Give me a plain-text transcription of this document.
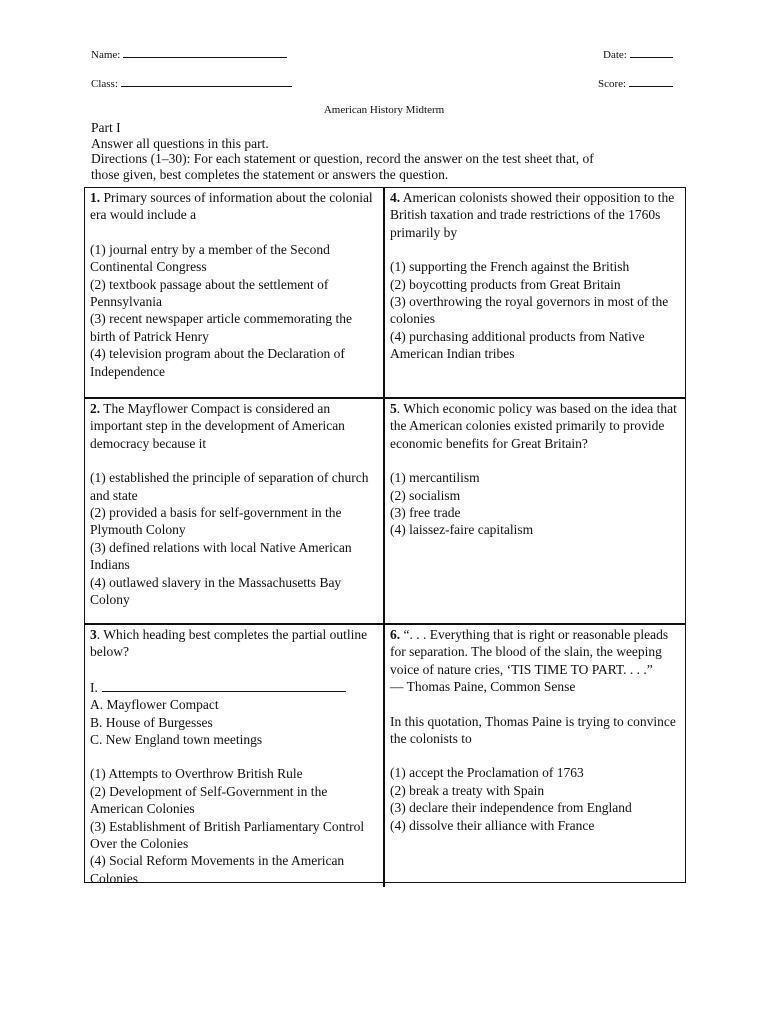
Name:	Date:
Class:	Score:
American History Midterm
Part I
Answer all questions in this part.
Directions (1–30): For each statement or question, record the answer on the test sheet that, of
those given, best completes the statement or answers the question.
1. Primary sources of information about the colonial era would include a
(1) journal entry by a member of the Second Continental Congress
(2) textbook passage about the settlement of Pennsylvania
(3) recent newspaper article commemorating the birth of Patrick Henry
(4) television program about the Declaration of Independence
4. American colonists showed their opposition to the British taxation and trade restrictions of the 1760s primarily by
(1) supporting the French against the British
(2) boycotting products from Great Britain
(3) overthrowing the royal governors in most of the colonies
(4) purchasing additional products from Native American Indian tribes
2. The Mayflower Compact is considered an important step in the development of American democracy because it
(1) established the principle of separation of church and state
(2) provided a basis for self-government in the Plymouth Colony
(3) defined relations with local Native American Indians
(4) outlawed slavery in the Massachusetts Bay Colony
5. Which economic policy was based on the idea that the American colonies existed primarily to provide economic benefits for Great Britain?
(1) mercantilism
(2) socialism
(3) free trade
(4) laissez-faire capitalism
3. Which heading best completes the partial outline below?
I.
A. Mayflower Compact
B. House of Burgesses
C. New England town meetings
(1) Attempts to Overthrow British Rule
(2) Development of Self-Government in the American Colonies
(3) Establishment of British Parliamentary Control Over the Colonies
(4) Social Reform Movements in the American Colonies
6. “. . . Everything that is right or reasonable pleads for separation. The blood of the slain, the weeping voice of nature cries, ‘TIS TIME TO PART. . . .”
— Thomas Paine, Common Sense
In this quotation, Thomas Paine is trying to convince the colonists to
(1) accept the Proclamation of 1763
(2) break a treaty with Spain
(3) declare their independence from England
(4) dissolve their alliance with France
